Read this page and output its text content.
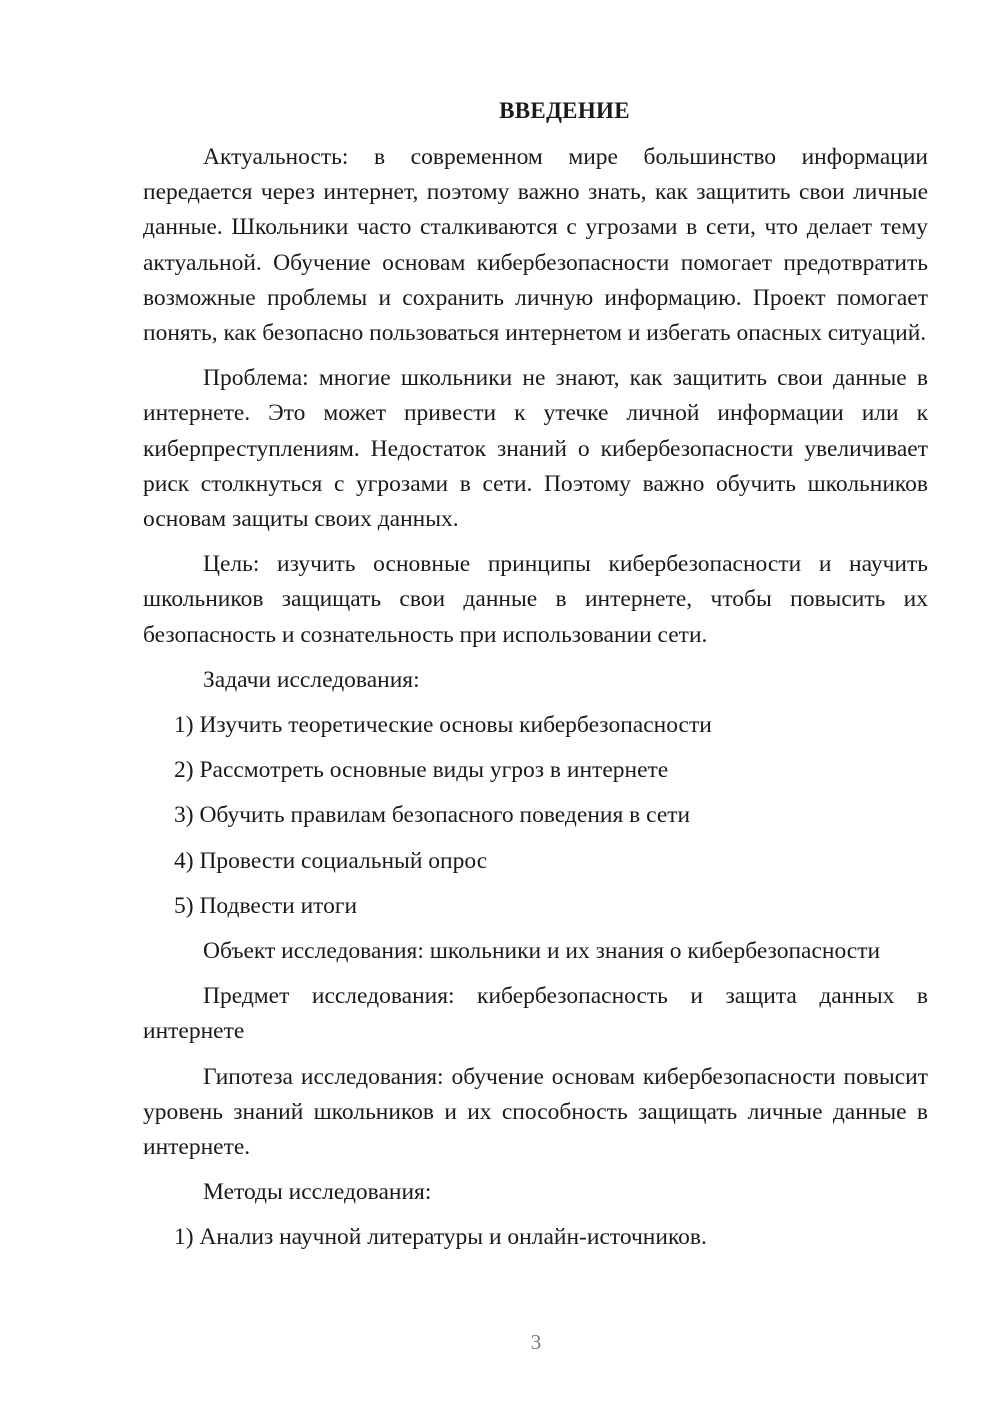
ВВЕДЕНИЕ

Актуальность: в современном мире большинство информации передается через интернет, поэтому важно знать, как защитить свои личные данные. Школьники часто сталкиваются с угрозами в сети, что делает тему актуальной. Обучение основам кибербезопасности помогает предотвратить возможные проблемы и сохранить личную информацию. Проект помогает понять, как безопасно пользоваться интернетом и избегать опасных ситуаций.

Проблема: многие школьники не знают, как защитить свои данные в интернете. Это может привести к утечке личной информации или к киберпреступлениям. Недостаток знаний о кибербезопасности увеличивает риск столкнуться с угрозами в сети. Поэтому важно обучить школьников основам защиты своих данных.

Цель: изучить основные принципы кибербезопасности и научить школьников защищать свои данные в интернете, чтобы повысить их безопасность и сознательность при использовании сети.

Задачи исследования:
1) Изучить теоретические основы кибербезопасности
2) Рассмотреть основные виды угроз в интернете
3) Обучить правилам безопасного поведения в сети
4) Провести социальный опрос
5) Подвести итоги
Объект исследования: школьники и их знания о кибербезопасности

Предмет исследования: кибербезопасность и защита данных в интернете

Гипотеза исследования: обучение основам кибербезопасности повысит уровень знаний школьников и их способность защищать личные данные в интернете.

Методы исследования:
1) Анализ научной литературы и онлайн-источников.
3
